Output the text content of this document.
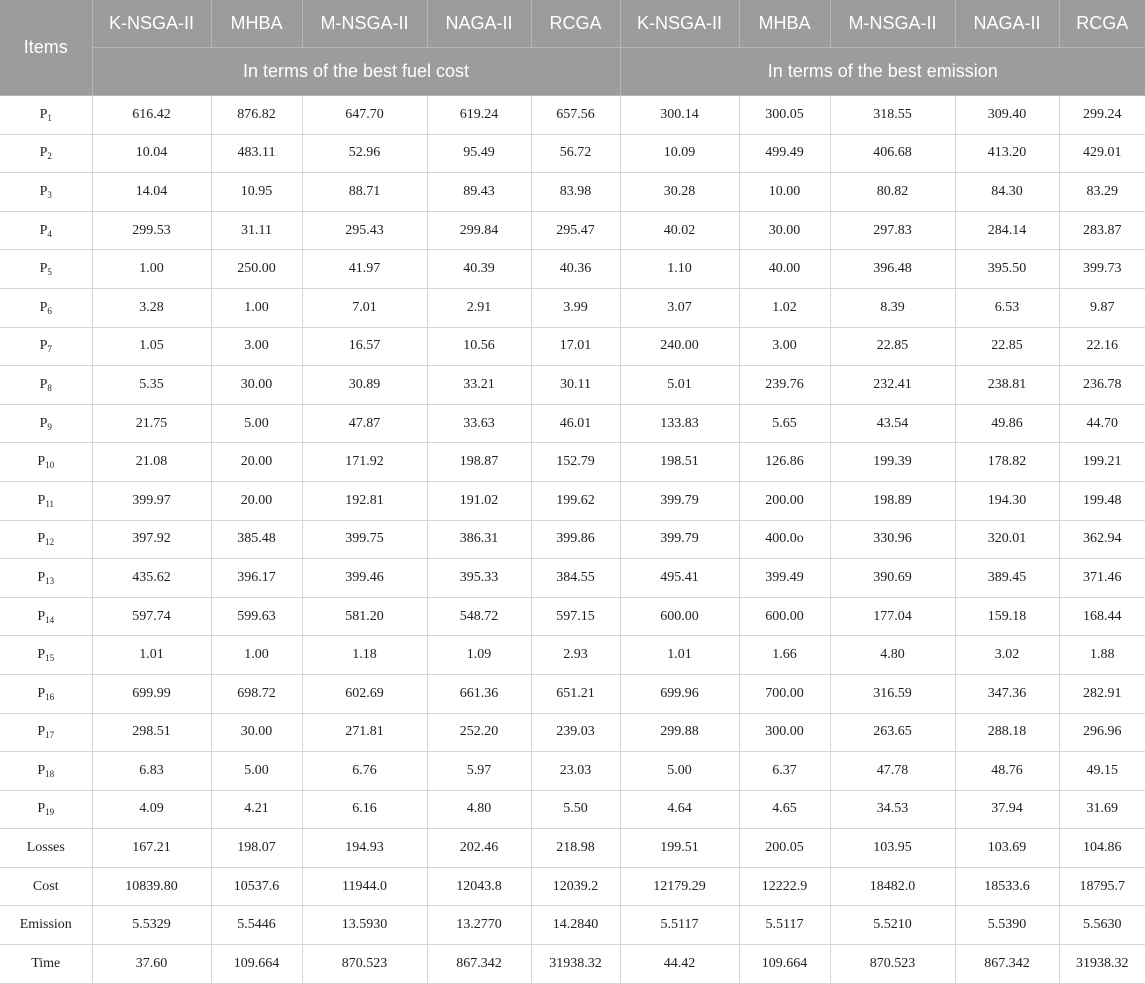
Items	K-NSGA-II	MHBA	M-NSGA-II	NAGA-II	RCGA	K-NSGA-II	MHBA	M-NSGA-II	NAGA-II	RCGA
	In terms of the best fuel cost					In terms of the best emission				
$P_1$	616.42	876.82	647.70	619.24	657.56	300.14	300.05	318.55	309.40	299.24
$P_2$	10.04	483.11	52.96	95.49	56.72	10.09	499.49	406.68	413.20	429.01
$P_3$	14.04	10.95	88.71	89.43	83.98	30.28	10.00	80.82	84.30	83.29
$P_4$	299.53	31.11	295.43	299.84	295.47	40.02	30.00	297.83	284.14	283.87
$P_5$	1.00	250.00	41.97	40.39	40.36	1.10	40.00	396.48	395.50	399.73
$P_6$	3.28	1.00	7.01	2.91	3.99	3.07	1.02	8.39	6.53	9.87
$P_7$	1.05	3.00	16.57	10.56	17.01	240.00	3.00	22.85	22.85	22.16
$P_8$	5.35	30.00	30.89	33.21	30.11	5.01	239.76	232.41	238.81	236.78
$P_9$	21.75	5.00	47.87	33.63	46.01	133.83	5.65	43.54	49.86	44.70
$P_{10}$	21.08	20.00	171.92	198.87	152.79	198.51	126.86	199.39	178.82	199.21
$P_{11}$	399.97	20.00	192.81	191.02	199.62	399.79	200.00	198.89	194.30	199.48
$P_{12}$	397.92	385.48	399.75	386.31	399.86	399.79	400.0o	330.96	320.01	362.94
$P_{13}$	435.62	396.17	399.46	395.33	384.55	495.41	399.49	390.69	389.45	371.46
$P_{14}$	597.74	599.63	581.20	548.72	597.15	600.00	600.00	177.04	159.18	168.44
$P_{15}$	1.01	1.00	1.18	1.09	2.93	1.01	1.66	4.80	3.02	1.88
$P_{16}$	699.99	698.72	602.69	661.36	651.21	699.96	700.00	316.59	347.36	282.91
$P_{17}$	298.51	30.00	271.81	252.20	239.03	299.88	300.00	263.65	288.18	296.96
$P_{18}$	6.83	5.00	6.76	5.97	23.03	5.00	6.37	47.78	48.76	49.15
$P_{19}$	4.09	4.21	6.16	4.80	5.50	4.64	4.65	34.53	37.94	31.69
Losses	167.21	198.07	194.93	202.46	218.98	199.51	200.05	103.95	103.69	104.86
Cost	10839.80	10537.6	11944.0	12043.8	12039.2	12179.29	12222.9	18482.0	18533.6	18795.7
Emission	5.5329	5.5446	13.5930	13.2770	14.2840	5.5117	5.5117	5.5210	5.5390	5.5630
Time	37.60	109.664	870.523	867.342	31938.32	44.42	109.664	870.523	867.342	31938.32
